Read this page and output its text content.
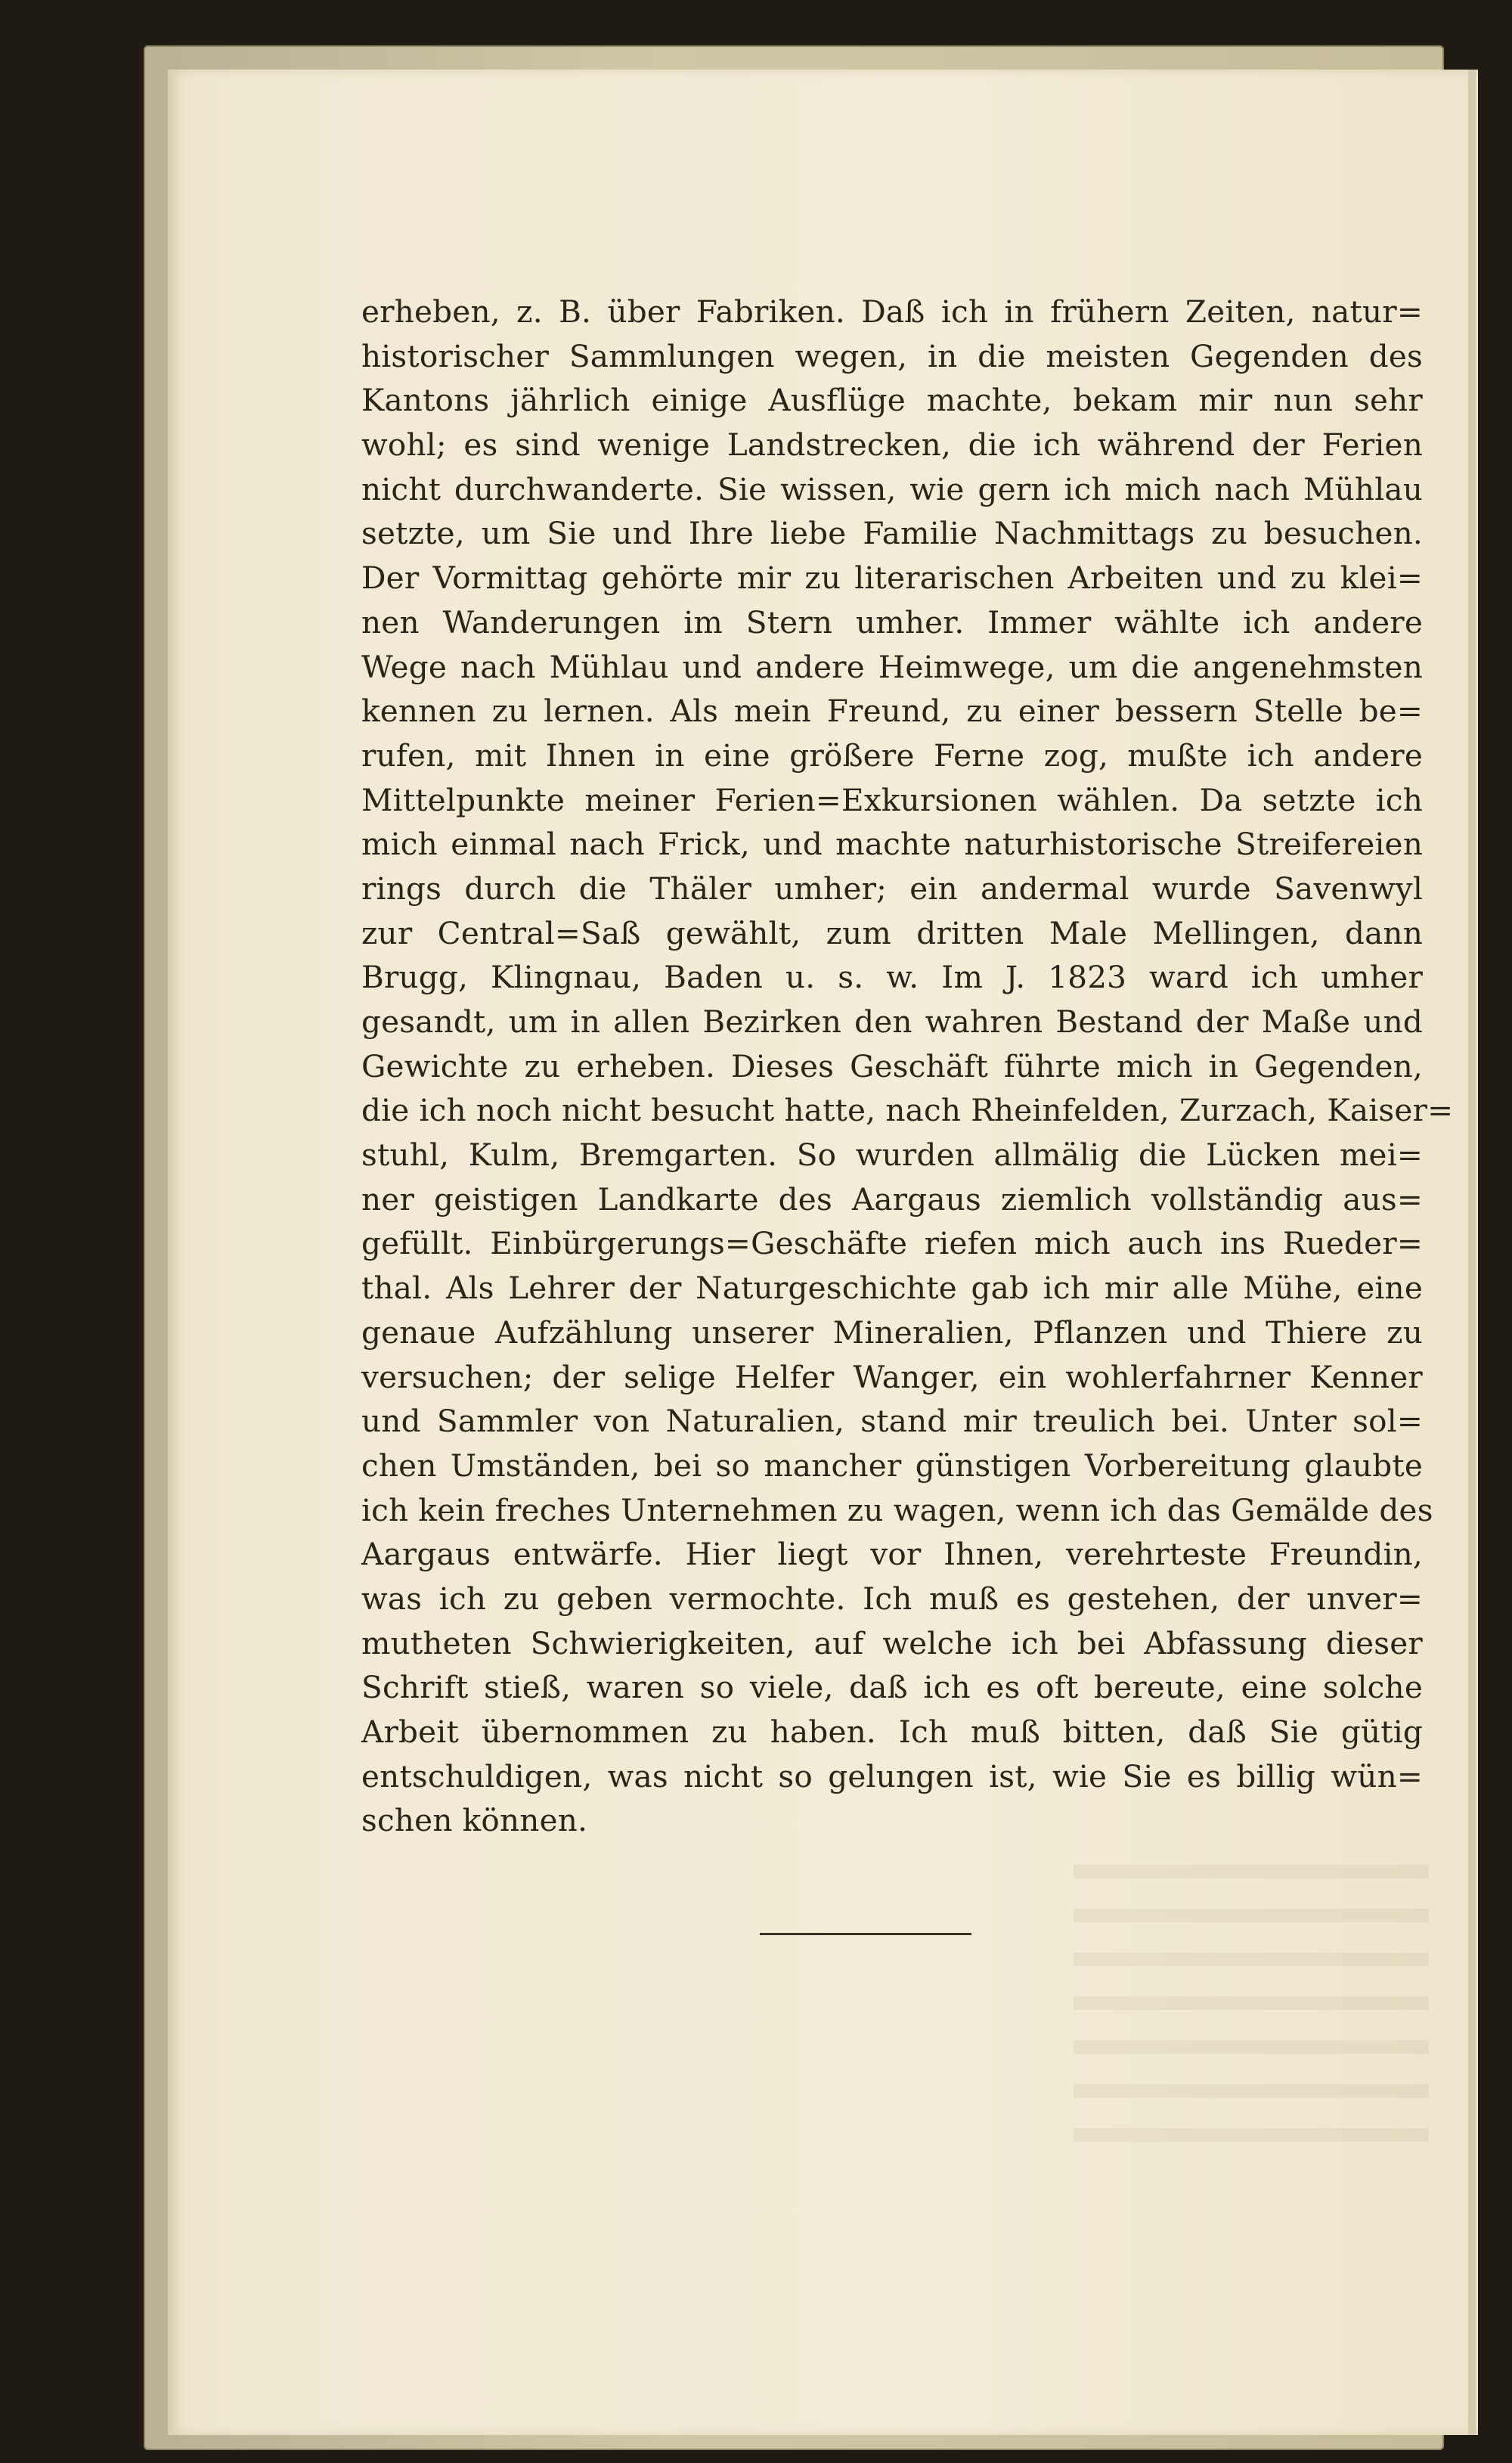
erheben, z. B. über Fabriken. Daß ich in frühern Zeiten, natur=
historischer Sammlungen wegen, in die meisten Gegenden des
Kantons jährlich einige Ausflüge machte, bekam mir nun sehr
wohl; es sind wenige Landstrecken, die ich während der Ferien
nicht durchwanderte. Sie wissen, wie gern ich mich nach Mühlau
setzte, um Sie und Ihre liebe Familie Nachmittags zu besuchen.
Der Vormittag gehörte mir zu literarischen Arbeiten und zu klei=
nen Wanderungen im Stern umher. Immer wählte ich andere
Wege nach Mühlau und andere Heimwege, um die angenehmsten
kennen zu lernen. Als mein Freund, zu einer bessern Stelle be=
rufen, mit Ihnen in eine größere Ferne zog, mußte ich andere
Mittelpunkte meiner Ferien=Exkursionen wählen. Da setzte ich
mich einmal nach Frick, und machte naturhistorische Streifereien
rings durch die Thäler umher; ein andermal wurde Savenwyl
zur Central=Saß gewählt, zum dritten Male Mellingen, dann
Brugg, Klingnau, Baden u. s. w. Im J. 1823 ward ich umher
gesandt, um in allen Bezirken den wahren Bestand der Maße und
Gewichte zu erheben. Dieses Geschäft führte mich in Gegenden,
die ich noch nicht besucht hatte, nach Rheinfelden, Zurzach, Kaiser=
stuhl, Kulm, Bremgarten. So wurden allmälig die Lücken mei=
ner geistigen Landkarte des Aargaus ziemlich vollständig aus=
gefüllt. Einbürgerungs=Geschäfte riefen mich auch ins Rueder=
thal. Als Lehrer der Naturgeschichte gab ich mir alle Mühe, eine
genaue Aufzählung unserer Mineralien, Pflanzen und Thiere zu
versuchen; der selige Helfer Wanger, ein wohlerfahrner Kenner
und Sammler von Naturalien, stand mir treulich bei. Unter sol=
chen Umständen, bei so mancher günstigen Vorbereitung glaubte
ich kein freches Unternehmen zu wagen, wenn ich das Gemälde des
Aargaus entwärfe. Hier liegt vor Ihnen, verehrteste Freundin,
was ich zu geben vermochte. Ich muß es gestehen, der unver=
mutheten Schwierigkeiten, auf welche ich bei Abfassung dieser
Schrift stieß, waren so viele, daß ich es oft bereute, eine solche
Arbeit übernommen zu haben. Ich muß bitten, daß Sie gütig
entschuldigen, was nicht so gelungen ist, wie Sie es billig wün=
schen können.
